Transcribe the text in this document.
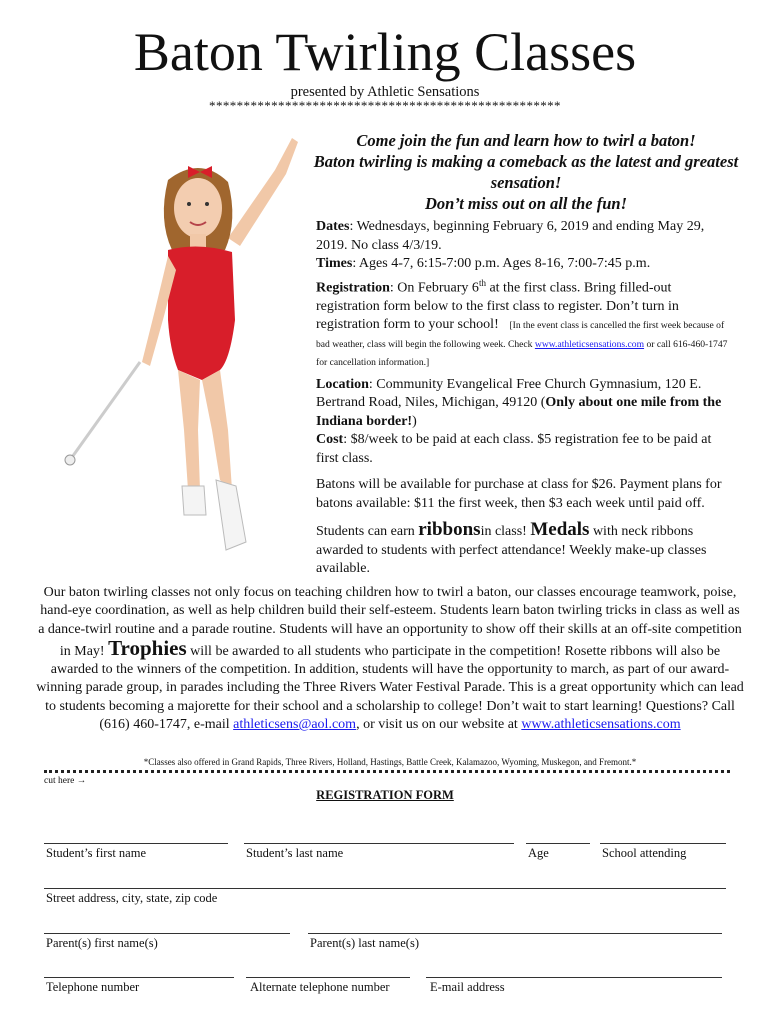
Baton Twirling Classes
presented by Athletic Sensations
***************************************************
Come join the fun and learn how to twirl a baton!
Baton twirling is making a comeback as the latest and greatest sensation!
Don’t miss out on all the fun!

Dates: Wednesdays, beginning February 6, 2019 and ending May 29, 2019. No class 4/3/19.

Times: Ages 4-7, 6:15-7:00 p.m. Ages 8-16, 7:00-7:45 p.m.

Registration: On February 6th at the first class. Bring filled-out registration form below to the first class to register. Don’t turn in registration form to your school! [In the event class is cancelled the first week because of bad weather, class will begin the following week. Check www.athleticsensations.com or call 616-460-1747 for cancellation information.]

Location: Community Evangelical Free Church Gymnasium, 120 E. Bertrand Road, Niles, Michigan, 49120 (Only about one mile from the Indiana border!)

Cost: $8/week to be paid at each class. $5 registration fee to be paid at first class.

Batons will be available for purchase at class for $26. Payment plans for batons available: $11 the first week, then $3 each week until paid off.

Students can earn ribbonsin class! Medals with neck ribbons awarded to students with perfect attendance! Weekly make-up classes available.

Our baton twirling classes not only focus on teaching children how to twirl a baton, our classes encourage teamwork, poise, hand-eye coordination, as well as help children build their self-esteem. Students learn baton twirling tricks in class as well as a dance-twirl routine and a parade routine. Students will have an opportunity to show off their skills at an off-site competition in May! Trophies will be awarded to all students who participate in the competition! Rosette ribbons will also be awarded to the winners of the competition. In addition, students will have the opportunity to march, as part of our award-winning parade group, in parades including the Three Rivers Water Festival Parade. This is a great opportunity which can lead to students becoming a majorette for their school and a scholarship to college! Don’t wait to start learning! Questions? Call (616) 460-1747, e-mail athleticsens@aol.com, or visit us on our website at www.athleticsensations.com
*Classes also offered in Grand Rapids, Three Rivers, Holland, Hastings, Battle Creek, Kalamazoo, Wyoming, Muskegon, and Fremont.*
cut here →
REGISTRATION FORM
Student’s first name	Student’s last name	Age	School attending
Street address, city, state, zip code
Parent(s) first name(s)	Parent(s) last name(s)
Telephone number	Alternate telephone number	E-mail address
